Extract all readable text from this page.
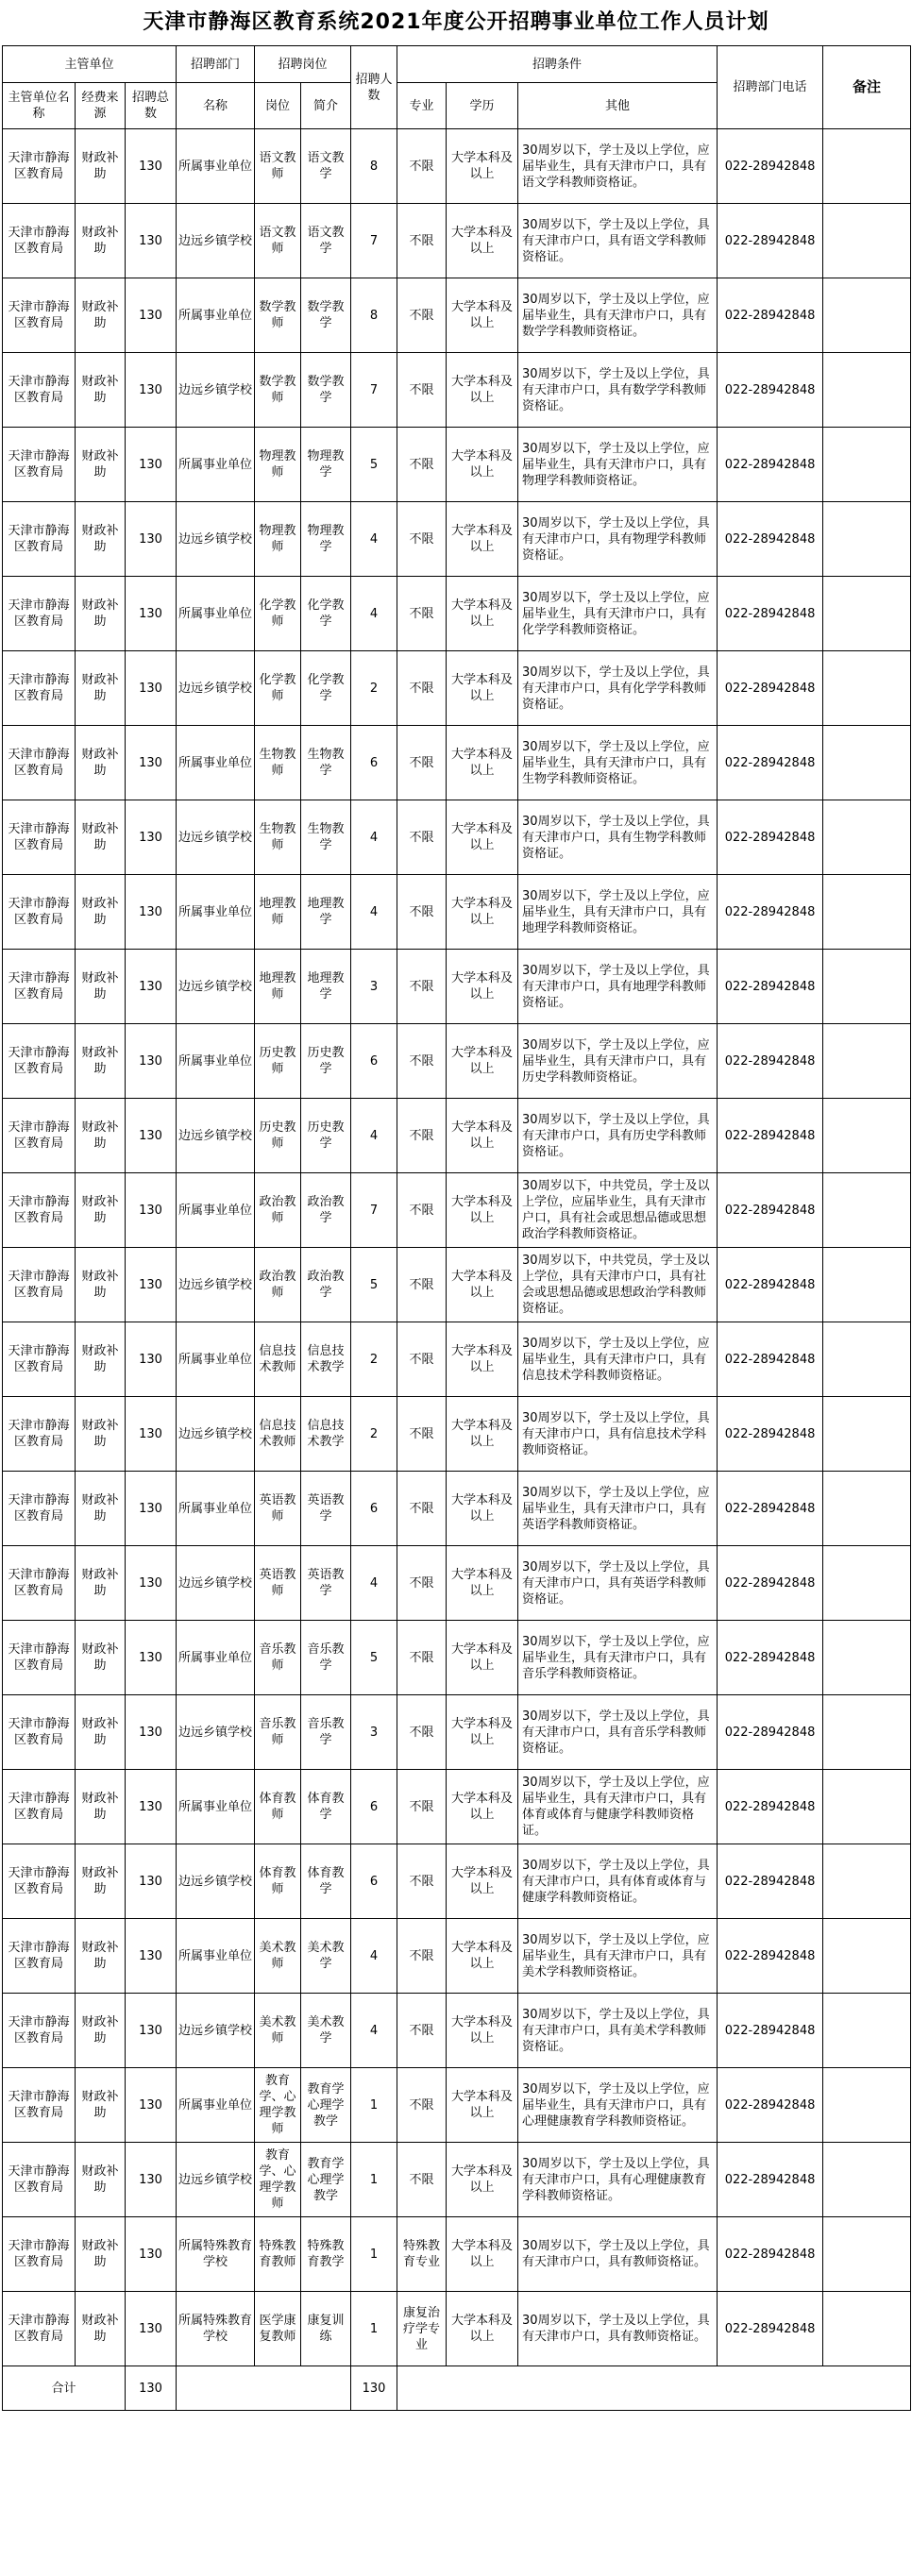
天津市静海区教育系统2021年度公开招聘事业单位工作人员计划
主管单位			招聘部门	招聘岗位		招聘人数	招聘条件			招聘部门电话	备注
主管单位名称	经费来源	招聘总数	名称	岗位	简介		专业	学历	其他		
天津市静海区教育局	财政补助	130	所属事业单位	语文教师	语文教学	8	不限	大学本科及以上	30周岁以下，学士及以上学位，应届毕业生，具有天津市户口，具有语文学科教师资格证。	022-28942848	
天津市静海区教育局	财政补助	130	边远乡镇学校	语文教师	语文教学	7	不限	大学本科及以上	30周岁以下，学士及以上学位，具有天津市户口，具有语文学科教师资格证。	022-28942848	
天津市静海区教育局	财政补助	130	所属事业单位	数学教师	数学教学	8	不限	大学本科及以上	30周岁以下，学士及以上学位，应届毕业生，具有天津市户口，具有数学学科教师资格证。	022-28942848	
天津市静海区教育局	财政补助	130	边远乡镇学校	数学教师	数学教学	7	不限	大学本科及以上	30周岁以下，学士及以上学位，具有天津市户口，具有数学学科教师资格证。	022-28942848	
天津市静海区教育局	财政补助	130	所属事业单位	物理教师	物理教学	5	不限	大学本科及以上	30周岁以下，学士及以上学位，应届毕业生，具有天津市户口，具有物理学科教师资格证。	022-28942848	
天津市静海区教育局	财政补助	130	边远乡镇学校	物理教师	物理教学	4	不限	大学本科及以上	30周岁以下，学士及以上学位，具有天津市户口，具有物理学科教师资格证。	022-28942848	
天津市静海区教育局	财政补助	130	所属事业单位	化学教师	化学教学	4	不限	大学本科及以上	30周岁以下，学士及以上学位，应届毕业生，具有天津市户口，具有化学学科教师资格证。	022-28942848	
天津市静海区教育局	财政补助	130	边远乡镇学校	化学教师	化学教学	2	不限	大学本科及以上	30周岁以下，学士及以上学位，具有天津市户口，具有化学学科教师资格证。	022-28942848	
天津市静海区教育局	财政补助	130	所属事业单位	生物教师	生物教学	6	不限	大学本科及以上	30周岁以下，学士及以上学位，应届毕业生，具有天津市户口，具有生物学科教师资格证。	022-28942848	
天津市静海区教育局	财政补助	130	边远乡镇学校	生物教师	生物教学	4	不限	大学本科及以上	30周岁以下，学士及以上学位，具有天津市户口，具有生物学科教师资格证。	022-28942848	
天津市静海区教育局	财政补助	130	所属事业单位	地理教师	地理教学	4	不限	大学本科及以上	30周岁以下，学士及以上学位，应届毕业生，具有天津市户口，具有地理学科教师资格证。	022-28942848	
天津市静海区教育局	财政补助	130	边远乡镇学校	地理教师	地理教学	3	不限	大学本科及以上	30周岁以下，学士及以上学位，具有天津市户口，具有地理学科教师资格证。	022-28942848	
天津市静海区教育局	财政补助	130	所属事业单位	历史教师	历史教学	6	不限	大学本科及以上	30周岁以下，学士及以上学位，应届毕业生，具有天津市户口，具有历史学科教师资格证。	022-28942848	
天津市静海区教育局	财政补助	130	边远乡镇学校	历史教师	历史教学	4	不限	大学本科及以上	30周岁以下，学士及以上学位，具有天津市户口，具有历史学科教师资格证。	022-28942848	
天津市静海区教育局	财政补助	130	所属事业单位	政治教师	政治教学	7	不限	大学本科及以上	30周岁以下，中共党员，学士及以上学位，应届毕业生，具有天津市户口，具有社会或思想品德或思想政治学科教师资格证。	022-28942848	
天津市静海区教育局	财政补助	130	边远乡镇学校	政治教师	政治教学	5	不限	大学本科及以上	30周岁以下，中共党员，学士及以上学位，具有天津市户口，具有社会或思想品德或思想政治学科教师资格证。	022-28942848	
天津市静海区教育局	财政补助	130	所属事业单位	信息技术教师	信息技术教学	2	不限	大学本科及以上	30周岁以下，学士及以上学位，应届毕业生，具有天津市户口，具有信息技术学科教师资格证。	022-28942848	
天津市静海区教育局	财政补助	130	边远乡镇学校	信息技术教师	信息技术教学	2	不限	大学本科及以上	30周岁以下，学士及以上学位，具有天津市户口，具有信息技术学科教师资格证。	022-28942848	
天津市静海区教育局	财政补助	130	所属事业单位	英语教师	英语教学	6	不限	大学本科及以上	30周岁以下，学士及以上学位，应届毕业生，具有天津市户口，具有英语学科教师资格证。	022-28942848	
天津市静海区教育局	财政补助	130	边远乡镇学校	英语教师	英语教学	4	不限	大学本科及以上	30周岁以下，学士及以上学位，具有天津市户口，具有英语学科教师资格证。	022-28942848	
天津市静海区教育局	财政补助	130	所属事业单位	音乐教师	音乐教学	5	不限	大学本科及以上	30周岁以下，学士及以上学位，应届毕业生，具有天津市户口，具有音乐学科教师资格证。	022-28942848	
天津市静海区教育局	财政补助	130	边远乡镇学校	音乐教师	音乐教学	3	不限	大学本科及以上	30周岁以下，学士及以上学位，具有天津市户口，具有音乐学科教师资格证。	022-28942848	
天津市静海区教育局	财政补助	130	所属事业单位	体育教师	体育教学	6	不限	大学本科及以上	30周岁以下，学士及以上学位，应届毕业生，具有天津市户口，具有体育或体育与健康学科教师资格证。	022-28942848	
天津市静海区教育局	财政补助	130	边远乡镇学校	体育教师	体育教学	6	不限	大学本科及以上	30周岁以下，学士及以上学位，具有天津市户口，具有体育或体育与健康学科教师资格证。	022-28942848	
天津市静海区教育局	财政补助	130	所属事业单位	美术教师	美术教学	4	不限	大学本科及以上	30周岁以下，学士及以上学位，应届毕业生，具有天津市户口，具有美术学科教师资格证。	022-28942848	
天津市静海区教育局	财政补助	130	边远乡镇学校	美术教师	美术教学	4	不限	大学本科及以上	30周岁以下，学士及以上学位，具有天津市户口，具有美术学科教师资格证。	022-28942848	
天津市静海区教育局	财政补助	130	所属事业单位	教育学、心理学教师	教育学心理学教学	1	不限	大学本科及以上	30周岁以下，学士及以上学位，应届毕业生，具有天津市户口，具有心理健康教育学科教师资格证。	022-28942848	
天津市静海区教育局	财政补助	130	边远乡镇学校	教育学、心理学教师	教育学心理学教学	1	不限	大学本科及以上	30周岁以下，学士及以上学位，具有天津市户口，具有心理健康教育学科教师资格证。	022-28942848	
天津市静海区教育局	财政补助	130	所属特殊教育学校	特殊教育教师	特殊教育教学	1	特殊教育专业	大学本科及以上	30周岁以下，学士及以上学位，具有天津市户口，具有教师资格证。	022-28942848	
天津市静海区教育局	财政补助	130	所属特殊教育学校	医学康复教师	康复训练	1	康复治疗学专业	大学本科及以上	30周岁以下，学士及以上学位，具有天津市户口，具有教师资格证。	022-28942848	
合计		130				130					
